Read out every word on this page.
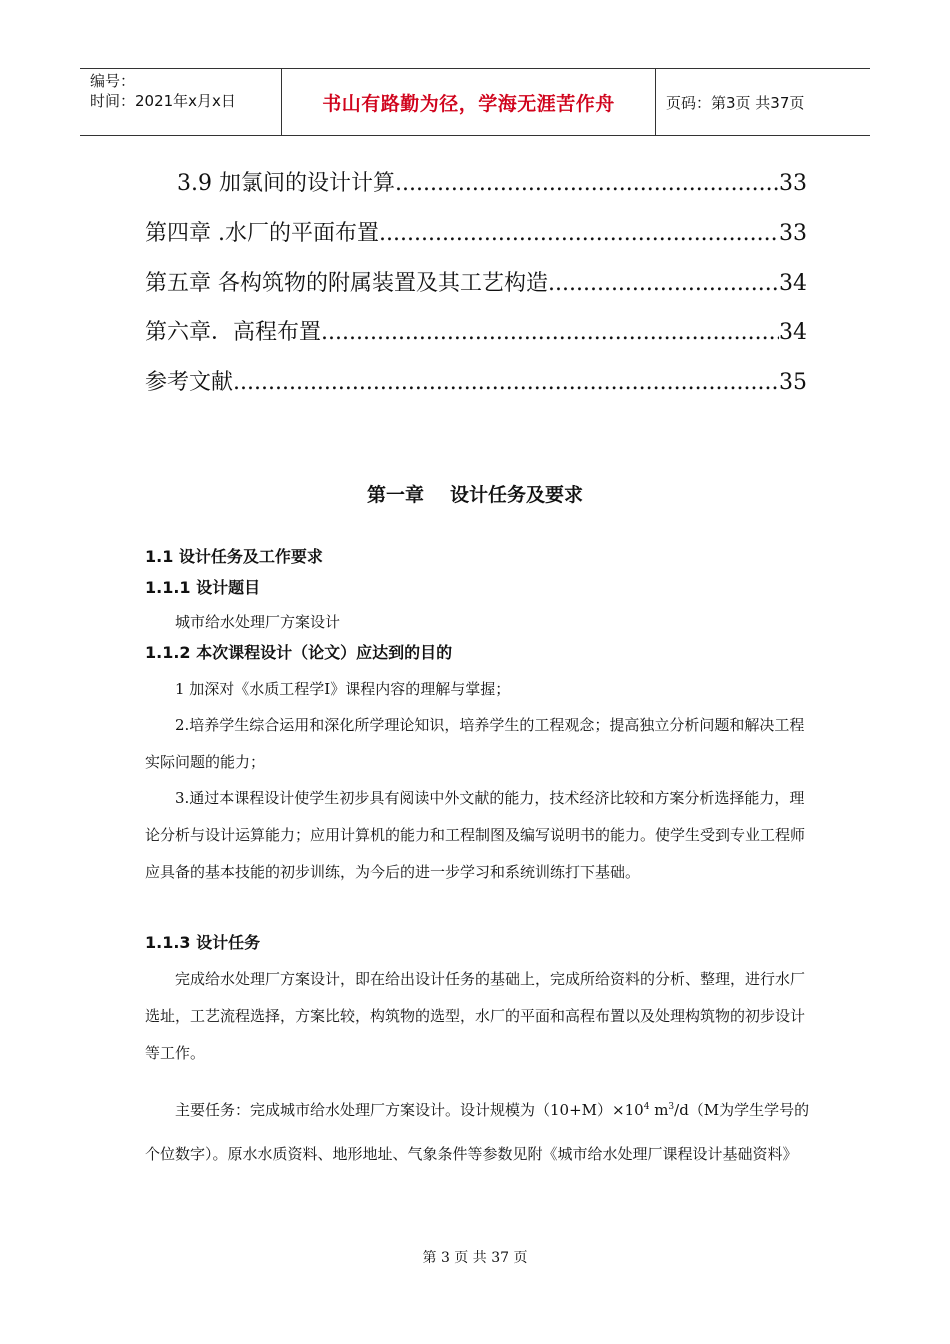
编号：
时间：2021年x月x日	书山有路勤为径，学海无涯苦作舟	页码：第3页 共37页
3.9 加氯间的设计计算 .....	33
第四章 .水厂的平面布置 .....	33
第五章 各构筑物的附属装置及其工艺构造 .....	34
第六章．高程布置 .....	34
参考文献 .....	35
第一章 设计任务及要求
1.1 设计任务及工作要求
1.1.1 设计题目
城市给水处理厂方案设计
1.1.2 本次课程设计（论文）应达到的目的
1 加深对《水质工程学Ⅰ》课程内容的理解与掌握；
2.培养学生综合运用和深化所学理论知识，培养学生的工程观念；提高独立分析问题和解决工程实际问题的能力；
3.通过本课程设计使学生初步具有阅读中外文献的能力，技术经济比较和方案分析选择能力，理论分析与设计运算能力；应用计算机的能力和工程制图及编写说明书的能力。使学生受到专业工程师应具备的基本技能的初步训练，为今后的进一步学习和系统训练打下基础。
1.1.3 设计任务
完成给水处理厂方案设计，即在给出设计任务的基础上，完成所给资料的分析、整理，进行水厂选址，工艺流程选择，方案比较，构筑物的选型，水厂的平面和高程布置以及处理构筑物的初步设计等工作。
主要任务：完成城市给水处理厂方案设计。设计规模为$(10+M)\times 10^4$ $m^3/d(M$为学生学号的个位数字）。原水水质资料、地形地址、气象条件等参数见附《城市给水处理厂课程设计基础资料》
第 3 页 共 37 页
